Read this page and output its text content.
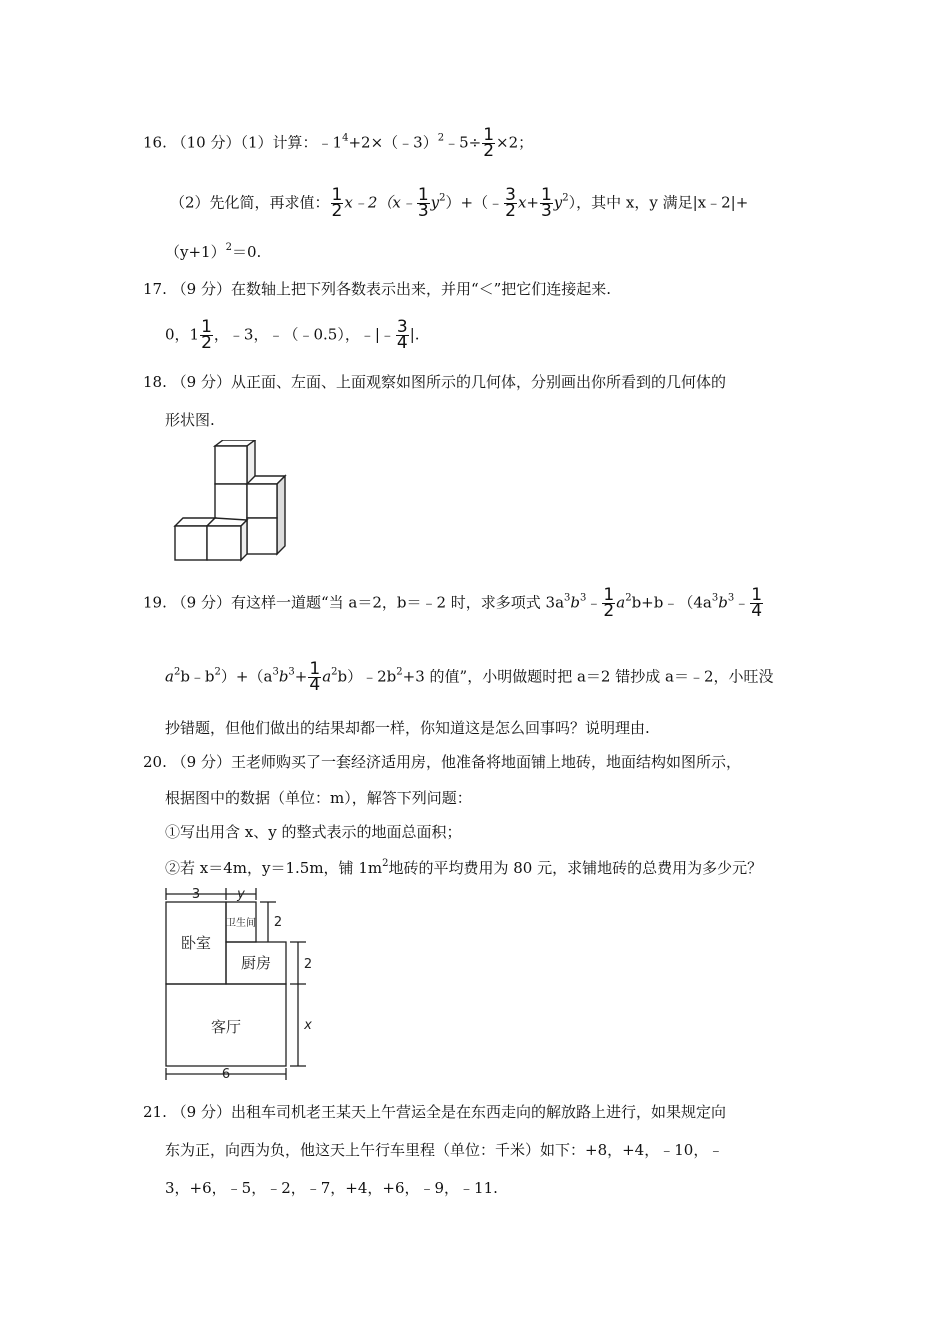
16. （10 分）（1）计算：$﹣1^4+2\times(﹣3)^2﹣5\div \frac{1}{2} \times 2$；
（2）先化简，再求值： $\frac{1}{2}$ x﹣2（x﹣ $\frac{1}{3}$ $y^2)+(﹣ \frac{3}{2} x+ \frac{1}{3} y^2)$，其中 x，y 满足|x﹣2|+
$(y+1)^2=0$.
17. （9 分）在数轴上把下列各数表示出来，并用“＜”把它们连接起来.
0，$1 \frac{1}{2}$ ，﹣3，﹣（﹣0.5），﹣|﹣ $\frac{3}{4}$ |.
18. （9 分）从正面、左面、上面观察如图所示的几何体，分别画出你所看到的几何体的
形状图.
19. （9 分）有这样一道题“当 a＝2，b＝﹣2 时，求多项式 $3a^3b^3﹣ \frac{1}{2}$ $a^2b+b﹣(4a^3b^3﹣ \frac{1}{4}$
$a^2b﹣b^2)+(a^3b^3+ \frac{1}{4}$ $a^2b)﹣2b^2+3$ 的值”，小明做题时把 a＝2 错抄成 a＝﹣2，小旺没
抄错题，但他们做出的结果却都一样，你知道这是怎么回事吗？说明理由.
20. （9 分）王老师购买了一套经济适用房，他准备将地面铺上地砖，地面结构如图所示，
根据图中的数据（单位：m），解答下列问题：
①写出用含 x、y 的整式表示的地面总面积；
②若 x＝4m，y＝1.5m，铺 $1m^2$地砖的平均费用为 80 元，求铺地砖的总费用为多少元？
3	y
卧室
卫生间
厨房
客厅
2
2
x
6
21. （9 分）出租车司机老王某天上午营运全是在东西走向的解放路上进行，如果规定向
东为正，向西为负，他这天上午行车里程（单位：千米）如下：+8，+4，﹣10，﹣
3，+6，﹣5，﹣2，﹣7，+4，+6，﹣9，﹣11.
